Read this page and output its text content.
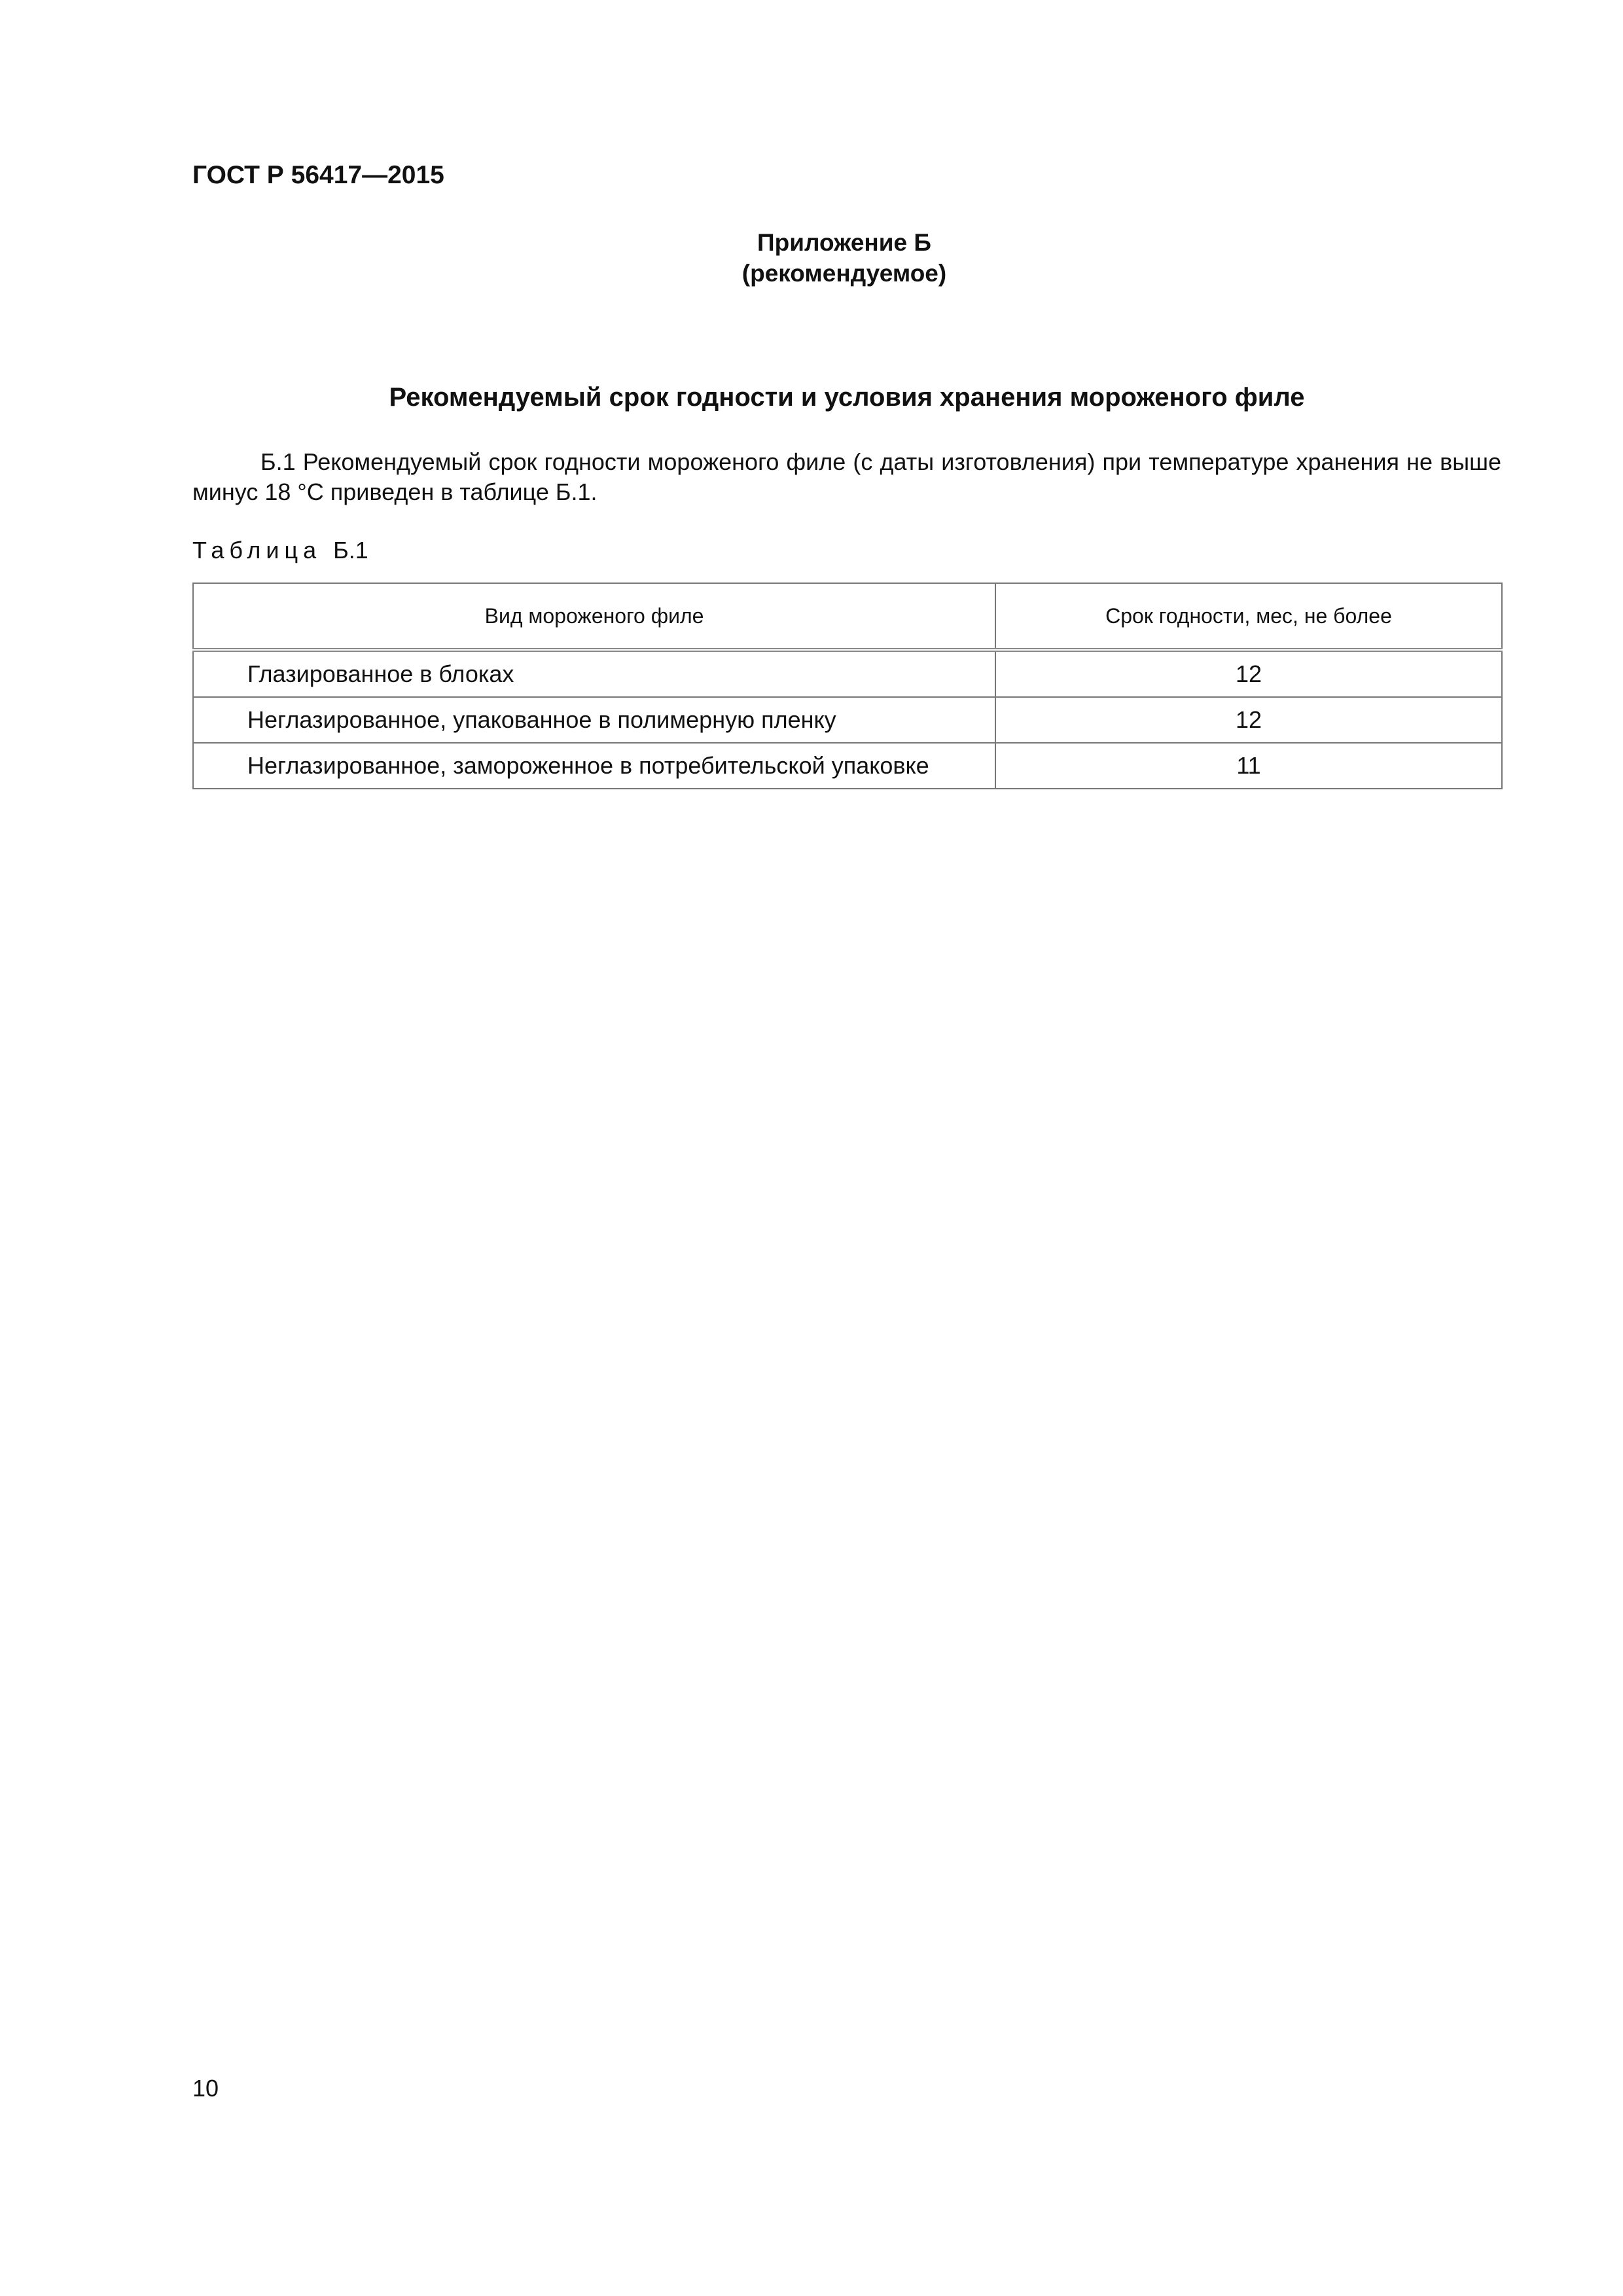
ГОСТ Р 56417—2015
Приложение Б
(рекомендуемое)
Рекомендуемый срок годности и условия хранения мороженого филе
Б.1 Рекомендуемый срок годности мороженого филе (с даты изготовления) при температуре хранения не выше минус 18 °С приведен в таблице Б.1.
Таблица Б.1
Вид мороженого филе	Срок годности, мес, не более
Глазированное в блоках	12
Неглазированное, упакованное в полимерную пленку	12
Неглазированное, замороженное в потребительской упаковке	11
10
